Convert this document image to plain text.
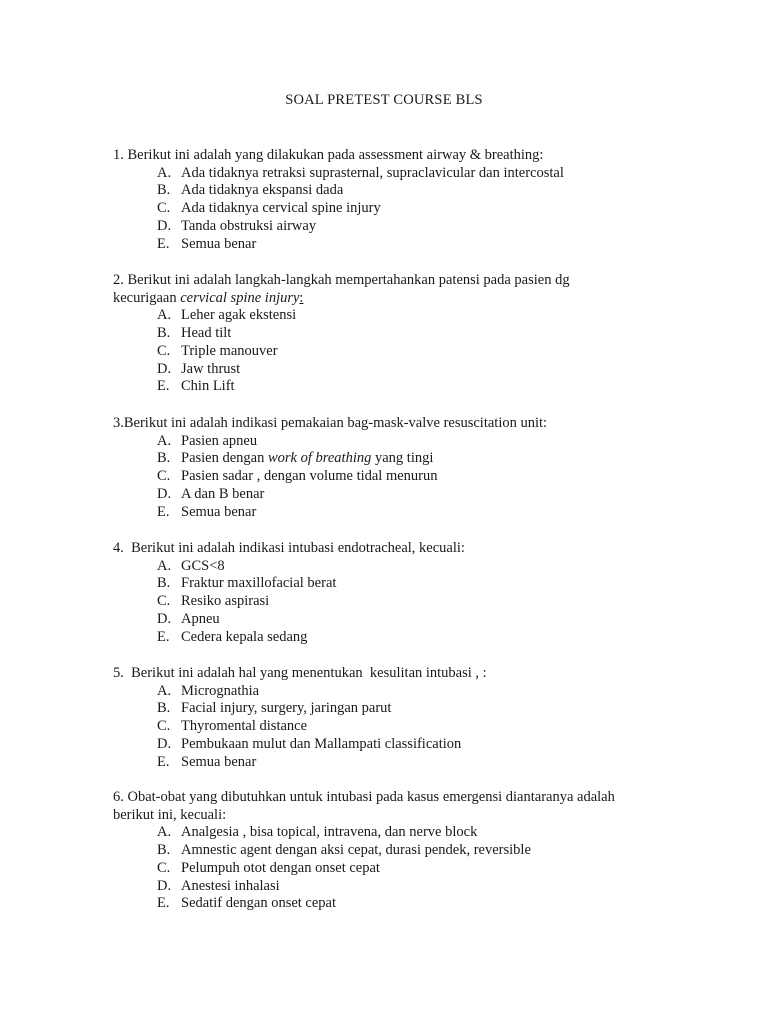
SOAL PRETEST COURSE BLS

1. Berikut ini adalah yang dilakukan pada assessment airway & breathing:

A. Ada tidaknya retraksi suprasternal, supraclavicular dan intercostal
B. Ada tidaknya ekspansi dada
C. Ada tidaknya cervical spine injury
D. Tanda obstruksi airway
E. Semua benar

2. Berikut ini adalah langkah-langkah mempertahankan patensi pada pasien dg
kecurigaan cervical spine injury:

A. Leher agak ekstensi
B. Head tilt
C. Triple manouver
D. Jaw thrust
E. Chin Lift

3.Berikut ini adalah indikasi pemakaian bag-mask-valve resuscitation unit:

A. Pasien apneu
B. Pasien dengan work of breathing yang tingi
C. Pasien sadar , dengan volume tidal menurun
D. A dan B benar
E. Semua benar

4.  Berikut ini adalah indikasi intubasi endotracheal, kecuali:

A. GCS<8
B. Fraktur maxillofacial berat
C. Resiko aspirasi
D. Apneu
E. Cedera kepala sedang

5.  Berikut ini adalah hal yang menentukan  kesulitan intubasi , :

A. Micrognathia
B. Facial injury, surgery, jaringan parut
C. Thyromental distance
D. Pembukaan mulut dan Mallampati classification
E. Semua benar

6. Obat-obat yang dibutuhkan untuk intubasi pada kasus emergensi diantaranya adalah
berikut ini, kecuali:

A. Analgesia , bisa topical, intravena, dan nerve block
B. Amnestic agent dengan aksi cepat, durasi pendek, reversible
C. Pelumpuh otot dengan onset cepat
D. Anestesi inhalasi
E. Sedatif dengan onset cepat
